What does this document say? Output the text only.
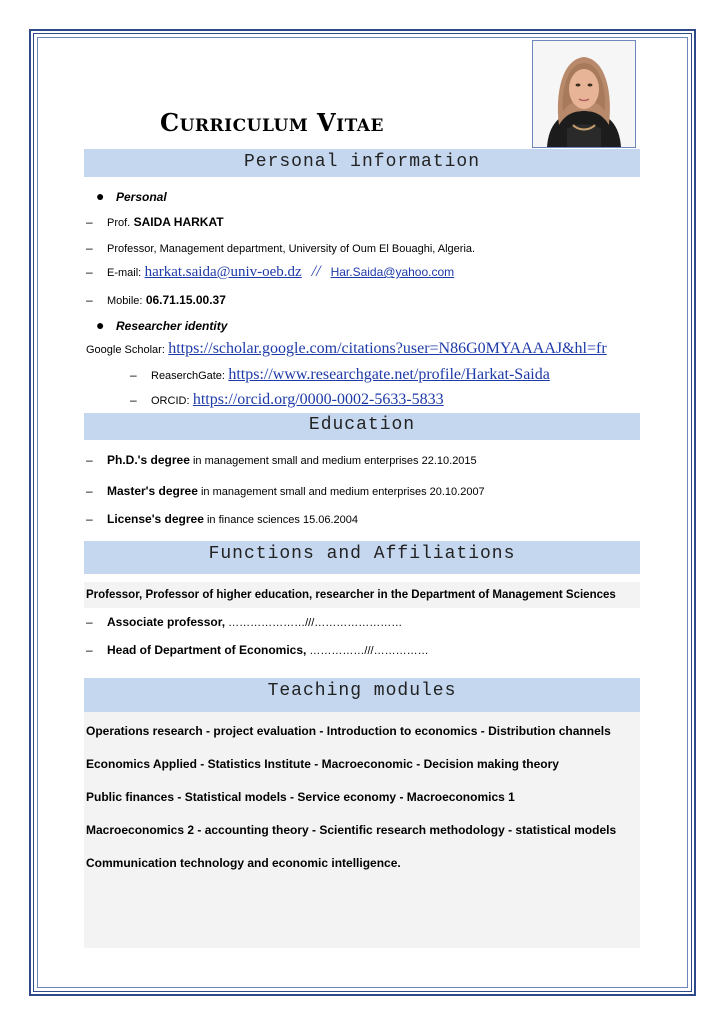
Curriculum Vitae
Personal information
● Personal
– Prof. SAIDA HARKAT
– Professor, Management department, University of Oum El Bouaghi, Algeria.
– E-mail: harkat.saida@univ-oeb.dz // Har.Saida@yahoo.com
– Mobile: 06.71.15.00.37
● Researcher identity
Google Scholar: https://scholar.google.com/citations?user=N86G0MYAAAAJ&hl=fr
– ReaserchGate: https://www.researchgate.net/profile/Harkat-Saida
– ORCID: https://orcid.org/0000-0002-5633-5833
Education
– Ph.D.'s degree in management small and medium enterprises 22.10.2015
– Master's degree in management small and medium enterprises 20.10.2007
– License's degree in finance sciences 15.06.2004
Functions and Affiliations
Professor, Professor of higher education, researcher in the Department of Management Sciences
– Associate professor, …………………///……………………
– Head of Department of Economics, ……………///……………
Teaching modules
Operations research - project evaluation - Introduction to economics - Distribution channels
Economics Applied - Statistics Institute - Macroeconomic - Decision making theory
Public finances - Statistical models - Service economy - Macroeconomics 1
Macroeconomics 2 - accounting theory - Scientific research methodology - statistical models
Communication technology and economic intelligence.
